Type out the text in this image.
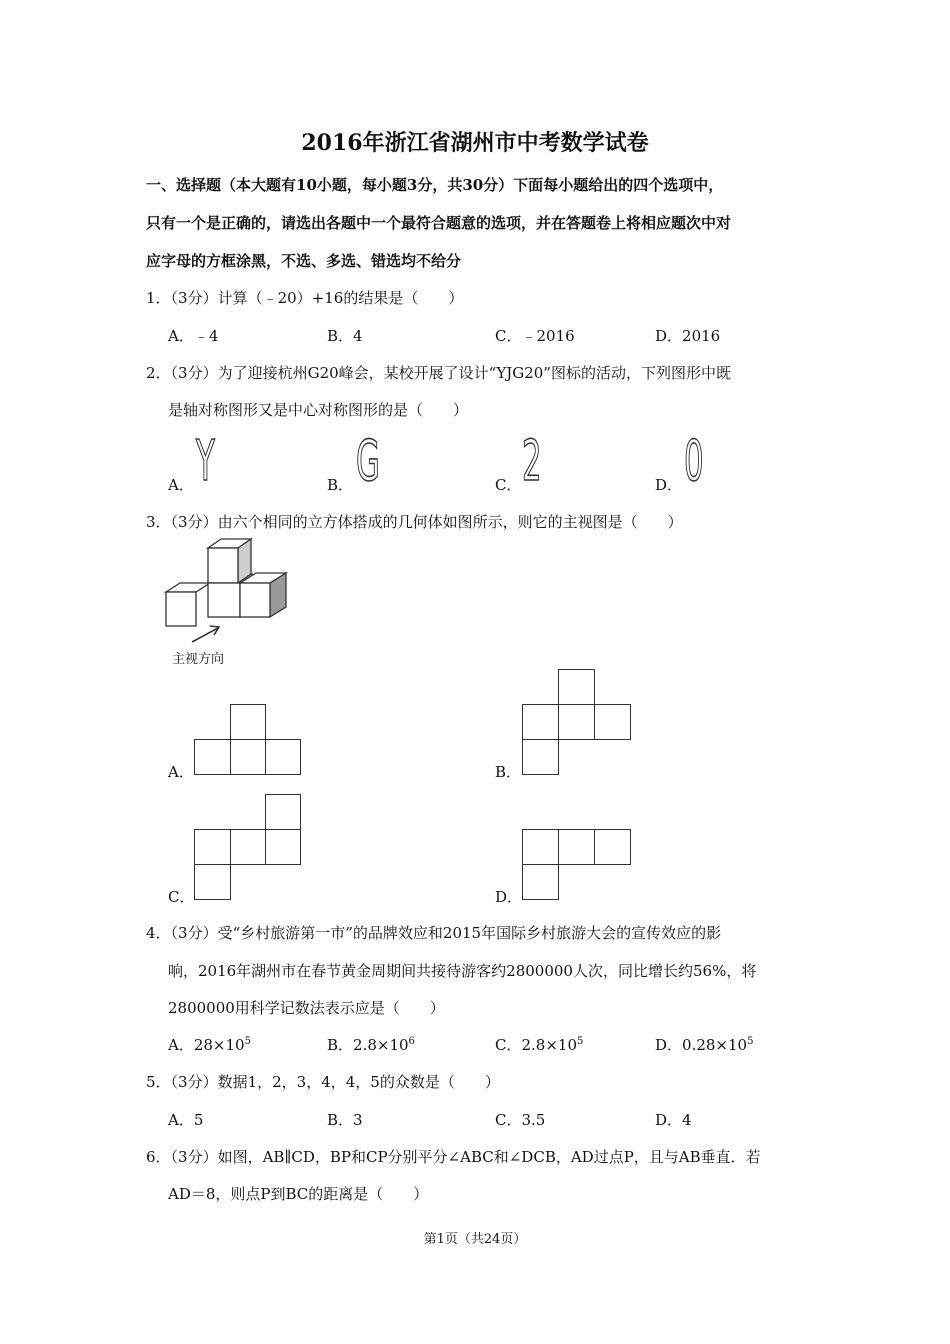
2016年浙江省湖州市中考数学试卷
一、选择题（本大题有10小题，每小题3分，共30分）下面每小题给出的四个选项中，
只有一个是正确的，请选出各题中一个最符合题意的选项，并在答题卷上将相应题次中对
应字母的方框涂黑，不选、多选、错选均不给分
1．（3分）计算（﹣20）+16的结果是（　　）
A．﹣4	B．4	C．﹣2016	D．2016
2．（3分）为了迎接杭州G20峰会，某校开展了设计“YJG20”图标的活动，下列图形中既
是轴对称图形又是中心对称图形的是（　　）
A． Y	B． G	C． 2	D． 0
3．（3分）由六个相同的立方体搭成的几何体如图所示，则它的主视图是（　　）
主视方向
A．	B．
C．	D．
4．（3分）受“乡村旅游第一市”的品牌效应和2015年国际乡村旅游大会的宣传效应的影
响，2016年湖州市在春节黄金周期间共接待游客约2800000人次，同比增长约56%，将
2800000用科学记数法表示应是（　　）
A．$28\times 10^5$	B．$2.8\times 10^6$	C．$2.8\times 10^5$	D．$0.28\times 10^5$
5．（3分）数据1，2，3，4，4，5的众数是（　　）
A．5	B．3	C．3.5	D．4
6．（3分）如图，AB∥CD，BP和CP分别平分∠ABC和∠DCB，AD过点P，且与AB垂直．若
AD＝8，则点P到BC的距离是（　　）
第1页（共24页）
